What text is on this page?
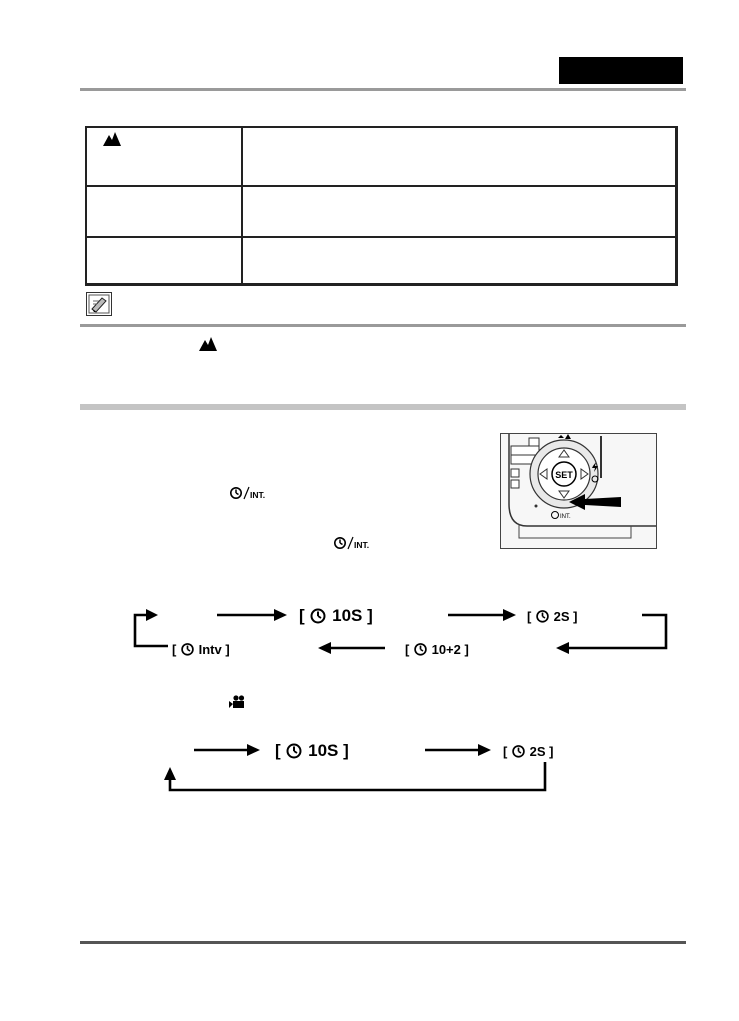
INT.
INT.
SET
INT.
[ 10S ]	[ 2S ]
[ 10+2 ]
[ Intv ]
[ 10S ]	[ 2S ]
